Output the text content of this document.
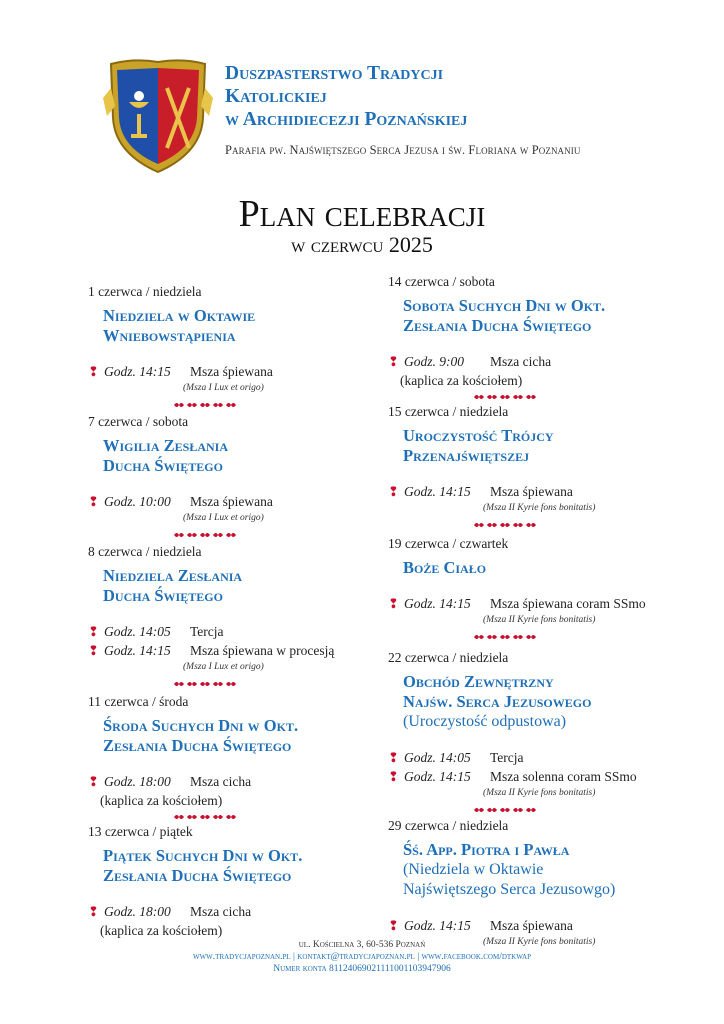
Duszpasterstwo Tradycji
Katolickiej
w Archidiecezji Poznańskiej
Parafia pw. Najświętszego Serca Jezusa i św. Floriana w Poznaniu
Plan celebracji
w czerwcu 2025
1 czerwca / niedziela
Niedziela w Oktawie
Wniebowstąpienia
❢ Godz. 14:15 Msza śpiewana
(Msza I Lux et origo)
7 czerwca / sobota
Wigilia Zesłania
Ducha Świętego
❢ Godz. 10:00 Msza śpiewana
(Msza I Lux et origo)
8 czerwca / niedziela
Niedziela Zesłania
Ducha Świętego
❢ Godz. 14:05 Tercja
❢ Godz. 14:15 Msza śpiewana w procesją
(Msza I Lux et origo)
11 czerwca / środa
Środa Suchych Dni w Okt.
Zesłania Ducha Świętego
❢ Godz. 18:00 Msza cicha
(kaplica za kościołem)
13 czerwca / piątek
Piątek Suchych Dni w Okt.
Zesłania Ducha Świętego
❢ Godz. 18:00 Msza cicha
(kaplica za kościołem)
14 czerwca / sobota
Sobota Suchych Dni w Okt.
Zesłania Ducha Świętego
❢ Godz. 9:00 Msza cicha
(kaplica za kościołem)
15 czerwca / niedziela
Uroczystość Trójcy
Przenajświętszej
❢ Godz. 14:15 Msza śpiewana
(Msza II Kyrie fons bonitatis)
19 czerwca / czwartek
Boże Ciało
❢ Godz. 14:15 Msza śpiewana coram SSmo
(Msza II Kyrie fons bonitatis)
22 czerwca / niedziela
Obchód Zewnętrzny
Najśw. Serca Jezusowego
(Uroczystość odpustowa)
❢ Godz. 14:05 Tercja
❢ Godz. 14:15 Msza solenna coram SSmo
(Msza II Kyrie fons bonitatis)
29 czerwca / niedziela
Śś. App. Piotra i Pawła
(Niedziela w Oktawie
Najświętszego Serca Jezusowgo)
❢ Godz. 14:15 Msza śpiewana
(Msza II Kyrie fons bonitatis)
ul. Kościelna 3, 60-536 Poznań
www.tradycjapoznan.pl | kontakt@tradycjapoznan.pl | www.facebook.com/dtkwap
Numer konta 81124069021111001103947906
